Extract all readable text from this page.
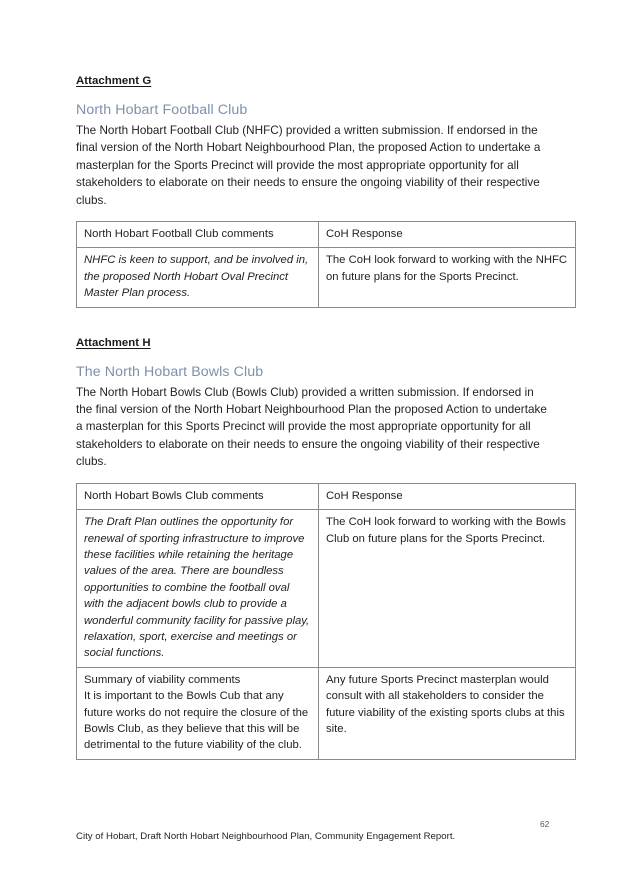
Attachment G

North Hobart Football Club

The North Hobart Football Club (NHFC) provided a written submission. If endorsed in the final version of the North Hobart Neighbourhood Plan, the proposed Action to undertake a masterplan for the Sports Precinct will provide the most appropriate opportunity for all stakeholders to elaborate on their needs to ensure the ongoing viability of their respective clubs.

North Hobart Football Club comments	CoH Response
NHFC is keen to support, and be involved in, the proposed North Hobart Oval Precinct Master Plan process.	The CoH look forward to working with the NHFC on future plans for the Sports Precinct.

Attachment H

The North Hobart Bowls Club

The North Hobart Bowls Club (Bowls Club) provided a written submission. If endorsed in the final version of the North Hobart Neighbourhood Plan the proposed Action to undertake a masterplan for this Sports Precinct will provide the most appropriate opportunity for all stakeholders to elaborate on their needs to ensure the ongoing viability of their respective clubs.

North Hobart Bowls Club comments	CoH Response
The Draft Plan outlines the opportunity for renewal of sporting infrastructure to improve these facilities while retaining the heritage values of the area. There are boundless opportunities to combine the football oval with the adjacent bowls club to provide a wonderful community facility for passive play, relaxation, sport, exercise and meetings or social functions.	The CoH look forward to working with the Bowls Club on future plans for the Sports Precinct.

Summary of viability comments
It is important to the Bowls Cub that any future works do not require the closure of the Bowls Club, as they believe that this will be detrimental to the future viability of the club.	Any future Sports Precinct masterplan would consult with all stakeholders to consider the future viability of the existing sports clubs at this site.
62
City of Hobart, Draft North Hobart Neighbourhood Plan, Community Engagement Report.
